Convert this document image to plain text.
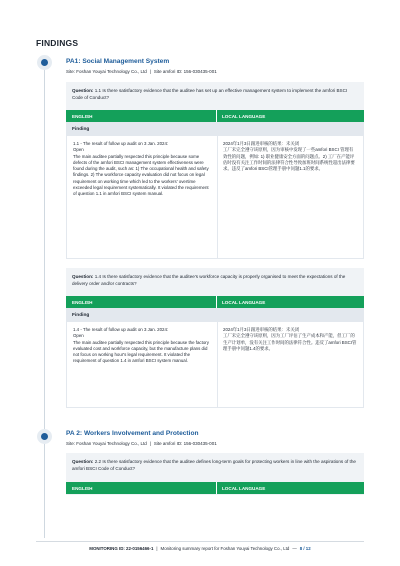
FINDINGS
PA1: Social Management System
Site: Foshan Youyai Technology Co., Ltd | Site amfori ID: 156-030435-001
Question: 1.1 Is there satisfactory evidence that the auditee has set up an effective management system to implement the amfori BSCI Code of Conduct?
ENGLISH	LOCAL LANGUAGE
Finding
1.1 - The result of follow up audit on 3 Jan. 2024:
Open
The main auditee partially respected this principle because some defects of the amfori BSCI management system effectiveness were found during the audit, such as: 1) The occupational health and safety findings. 2) The workforce capacity evaluation did not focus on legal requirement on working time which led to the workers' overtime exceeded legal requirement systematically. It violated the requirement of question 1.1 in amfori BSCI system manual.
2024年1月3日跟进审核的结果：未关闭
工厂未完全遵守该原则，因为审核中发现了一些amfori BSCI 管理有效性的问题，例如: 1) 职业健康安全方面的问题点。2) 工厂在产能评估时没有关注工作时间的法律符合性导致加班时间系统性超出法律要求。违反了amfori BSCI管理手册中问题1.1的要求。
Question: 1.4 Is there satisfactory evidence that the auditee's workforce capacity is properly organised to meet the expectations of the delivery order and/or contracts?
ENGLISH	LOCAL LANGUAGE
Finding
1.4 - The result of follow up audit on 3 Jan. 2024:
Open
The main auditee partially respected this principle because the factory evaluated cost and workforce capacity, but the manufacture plans did not focus on working hour's legal requirement. It violated the requirement of question 1.4 in amfori BSCI system manual.
2024年1月3日跟进审核的结果：未关闭
工厂未完全遵守该原则，因为工厂评估了生产成本和产能，但工厂的生产计划单，没有关注工作时间的法律符合性。违反了amfori BSCI管理手册中问题1.4的要求。
PA 2: Workers Involvement and Protection
Site: Foshan Youyai Technology Co., Ltd | Site amfori ID: 156-030435-001
Question: 2.2 Is there satisfactory evidence that the auditee defines long-term goals for protecting workers in line with the aspirations of the amfori BSCI Code of Conduct?
ENGLISH	LOCAL LANGUAGE
MONITORING ID: 22-0156466-1 | Monitoring summary report for Foshan Youyai Technology Co., Ltd — 8 / 12
